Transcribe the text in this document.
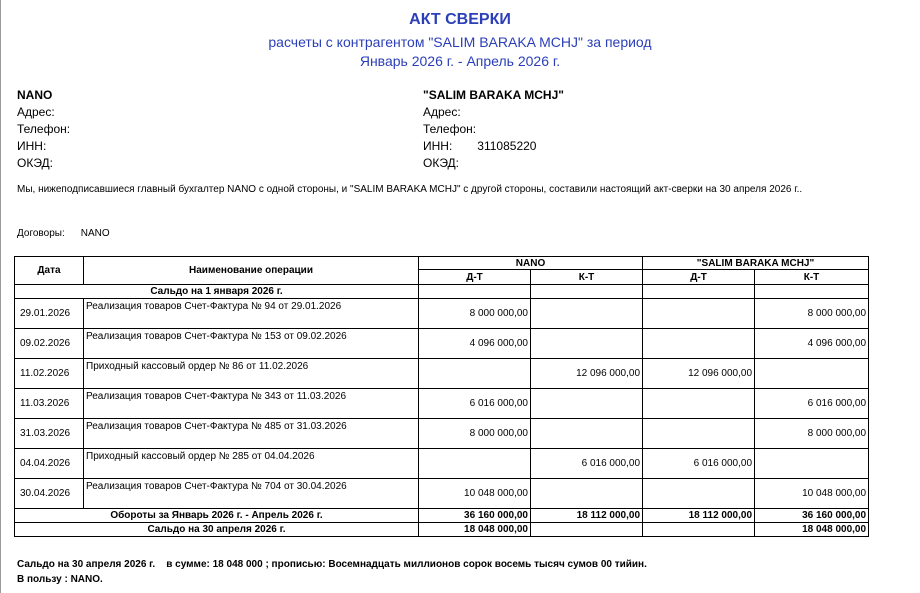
АКТ СВЕРКИ
расчеты с контрагентом "SALIM BARAKA MCHJ" за период
Январь 2026 г. - Апрель 2026 г.
NANO
Адрес:
Телефон:
ИНН:
ОКЭД:
"SALIM BARAKA MCHJ"
Адрес:
Телефон:
ИНН: 311085220
ОКЭД:
Мы, нижеподписавшиеся главный бухгалтер NANO с одной стороны, и "SALIM BARAKA MCHJ" с другой стороны, составили настоящий акт-сверки на 30 апреля 2026 г..
Договоры: NANO
Дата	Наименование операции	NANO		"SALIM BARAKA MCHJ"	
		Д-Т	К-Т	Д-Т	К-Т
Сальдо на 1 января 2026 г.					
29.01.2026	Реализация товаров Счет-Фактура № 94 от 29.01.2026	8 000 000,00			8 000 000,00
09.02.2026	Реализация товаров Счет-Фактура № 153 от 09.02.2026	4 096 000,00			4 096 000,00
11.02.2026	Приходный кассовый ордер № 86 от 11.02.2026		12 096 000,00	12 096 000,00	
11.03.2026	Реализация товаров Счет-Фактура № 343 от 11.03.2026	6 016 000,00			6 016 000,00
31.03.2026	Реализация товаров Счет-Фактура № 485 от 31.03.2026	8 000 000,00			8 000 000,00
04.04.2026	Приходный кассовый ордер № 285 от 04.04.2026		6 016 000,00	6 016 000,00	
30.04.2026	Реализация товаров Счет-Фактура № 704 от 30.04.2026	10 048 000,00			10 048 000,00
Обороты за Январь 2026 г. - Апрель 2026 г.		36 160 000,00	18 112 000,00	18 112 000,00	36 160 000,00
Сальдо на 30 апреля 2026 г.		18 048 000,00			18 048 000,00
Сальдо на 30 апреля 2026 г.    в сумме: 18 048 000 ; прописью: Восемнадцать миллионов сорок восемь тысяч сумов 00 тийин.
В пользу : NANO.
